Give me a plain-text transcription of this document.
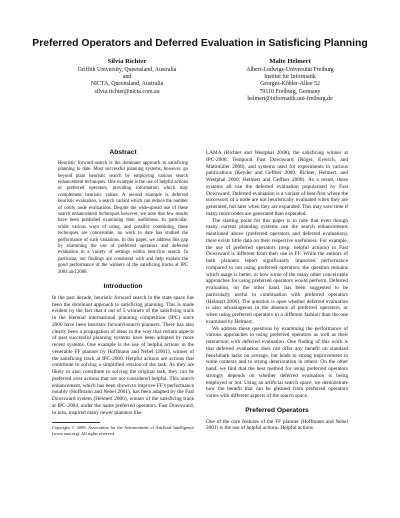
Preferred Operators and Deferred Evaluation in Satisficing Planning
Silvia Richter
Griffith University, Queensland, Australia
and
NICTA, Queensland, Australia
silvia.richter@nicta.com.au
Malte Helmert
Albert-Ludwigs-Universität Freiburg
Institut für Informatik
Georges-Köhler-Allee 52
79110 Freiburg, Germany
helmert@informatik.uni-freiburg.de
Abstract

Heuristic forward search is the dominant approach to satisficing planning to date. Most successful planning systems, however, go beyond plain heuristic search by employing various search enhancement techniques. One example is the use of helpful actions or preferred operators, providing information which may complement heuristic values. A second example is deferred heuristic evaluation, a search variant which can reduce the number of costly node evaluations. Despite the wide-spread use of these search enhancement techniques however, we note that few results have been published examining their usefulness. In particular, while various ways of using, and possibly combining, these techniques are conceivable, no work to date has studied the performance of such variations. In this paper, we address this gap by examining the use of preferred operators and deferred evaluation in a variety of settings within best-first search. In particular, our findings are consistent with and help explain the good performance of the winners of the satisficing tracks at IPC 2004 and 2008.

Introduction

In the past decade, heuristic forward search in the state space has been the dominant approach to satisficing planning. This is made evident by the fact that 4 out of 5 winners of the satisficing track in the biennial international planning competition (IPC) since 2000 have been heuristic forward-search planners. There has also clearly been a propagation of ideas in the way that certain aspects of past successful planning systems have been adopted by more recent systems. One example is the use of helpful actions in the venerable FF planner by Hoffmann and Nebel (2001), winner of the satisficing track at IPC-2000. Helpful actions are actions that contribute to solving a simplified version of the task. As they are likely to also contribute to solving the original task, they can be preferred over actions that are not considered helpful. This search enhancement, which has been shown to improve FF's performance notably (Hoffmann and Nebel 2001), has been adapted by the Fast Downward system (Helmert 2006), winner of the satisficing track at IPC-2004, under the name preferred operators. Fast Downward, in turn, inspired many newer planners like

Copyright © 2009, Association for the Advancement of Artificial Intelligence (www.aaai.org). All rights reserved.

LAMA (Richter and Westphal 2008), the satisficing winner at IPC-2008. Temporal Fast Downward (Röger, Eyerich, and Mattmüller 2008), and systems used for experiments in various publications (Keyder and Geffner 2009; Richter, Helmert, and Westphal 2008; Helmert and Geffner 2008). As a result, these systems all use the deferred evaluation popularised by Fast Downward. Deferred evaluation is a variant of best-first where the successors of a node are not heuristically evaluated when they are generated, but later when they are expanded. This may save time if many more nodes are generated than expanded.

The starting point for this paper is to note that even though many current planning systems use the search enhancements mentioned above (preferred operators and deferred evaluation), there exists little data on their respective usefulness. For example, the use of preferred operators (resp. helpful actions) in Fast Downward is different from their use in FF. While the authors of both planners report significantly improved performance compared to not using preferred operators, the question remains which usage is better, or how some of the many other conceivable approaches for using preferred operators would perform. Deferred evaluation, on the other hand, has been suggested to be particularly useful in combination with preferred operators (Helmert 2006). The question is open whether deferred evaluation is also advantageous in the absence of preferred operators, or when using preferred operators in a different fashion than the one examined by Helmert.

We address these questions by examining the performance of various approaches to using preferred operators as well as their interaction with deferred evaluation. One finding of this work is that deferred evaluation does not offer any benefit on standard benchmark tasks on average, but leads to strong improvement in some contexts and to strong deterioration in others. On the other hand, we find that the best method for using preferred operators strongly depends on whether deferred evaluation is being employed or not. Using an artificial search space, we demonstrate how the benefit that can be gleaned from preferred operators varies with different aspects of the search space.

Preferred Operators

One of the core features of the FF planner (Hoffmann and Nebel 2001) is the use of helpful actions. Helpful actions
